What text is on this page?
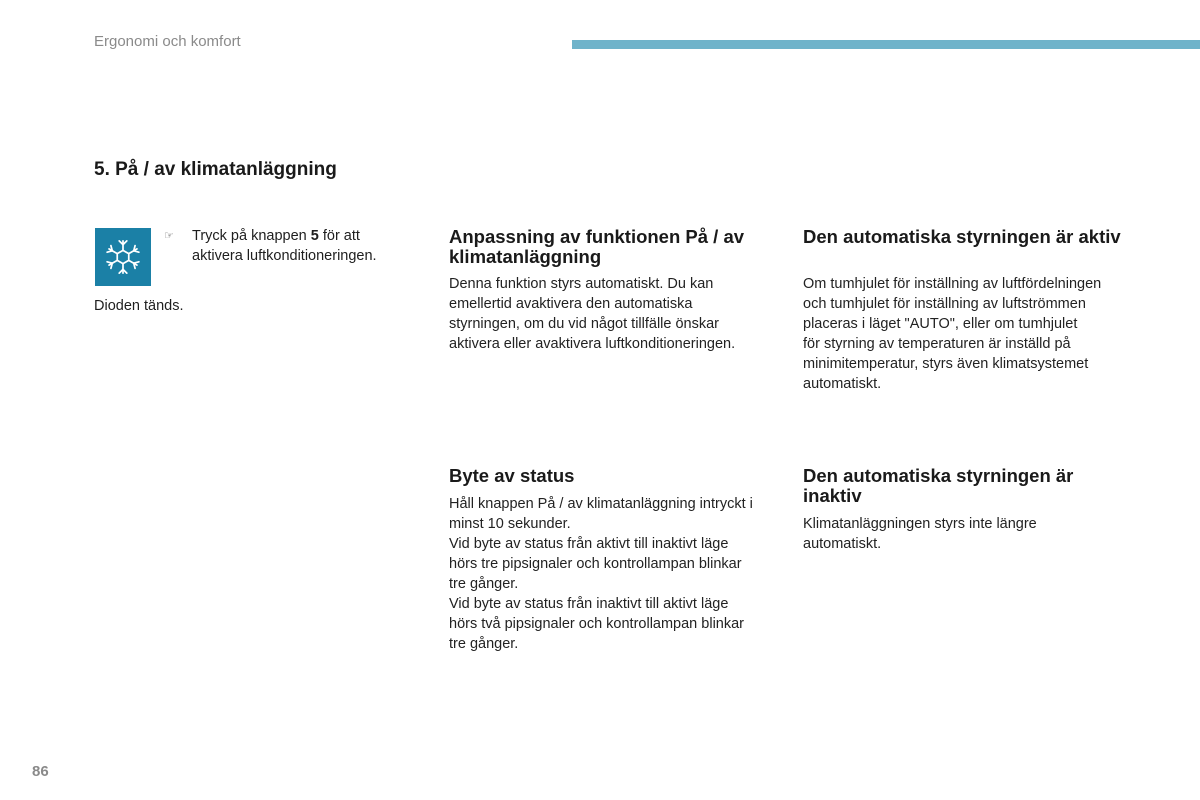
Ergonomi och komfort
5. På / av klimatanläggning
☞ Tryck på knappen 5 för att aktivera luftkonditioneringen.
Dioden tänds.
Anpassning av funktionen På / av klimatanläggning
Denna funktion styrs automatiskt. Du kan
emellertid avaktivera den automatiska
styrningen, om du vid något tillfälle önskar
aktivera eller avaktivera luftkonditioneringen.
Den automatiska styrningen är aktiv
Om tumhjulet för inställning av luftfördelningen
och tumhjulet för inställning av luftströmmen
placeras i läget "AUTO", eller om tumhjulet
för styrning av temperaturen är inställd på
minimitemperatur, styrs även klimatsystemet
automatiskt.
Byte av status
Håll knappen På / av klimatanläggning intryckt i
minst 10 sekunder.
Vid byte av status från aktivt till inaktivt läge
hörs tre pipsignaler och kontrollampan blinkar
tre gånger.
Vid byte av status från inaktivt till aktivt läge
hörs två pipsignaler och kontrollampan blinkar
tre gånger.
Den automatiska styrningen är inaktiv
Klimatanläggningen styrs inte längre
automatiskt.
86
